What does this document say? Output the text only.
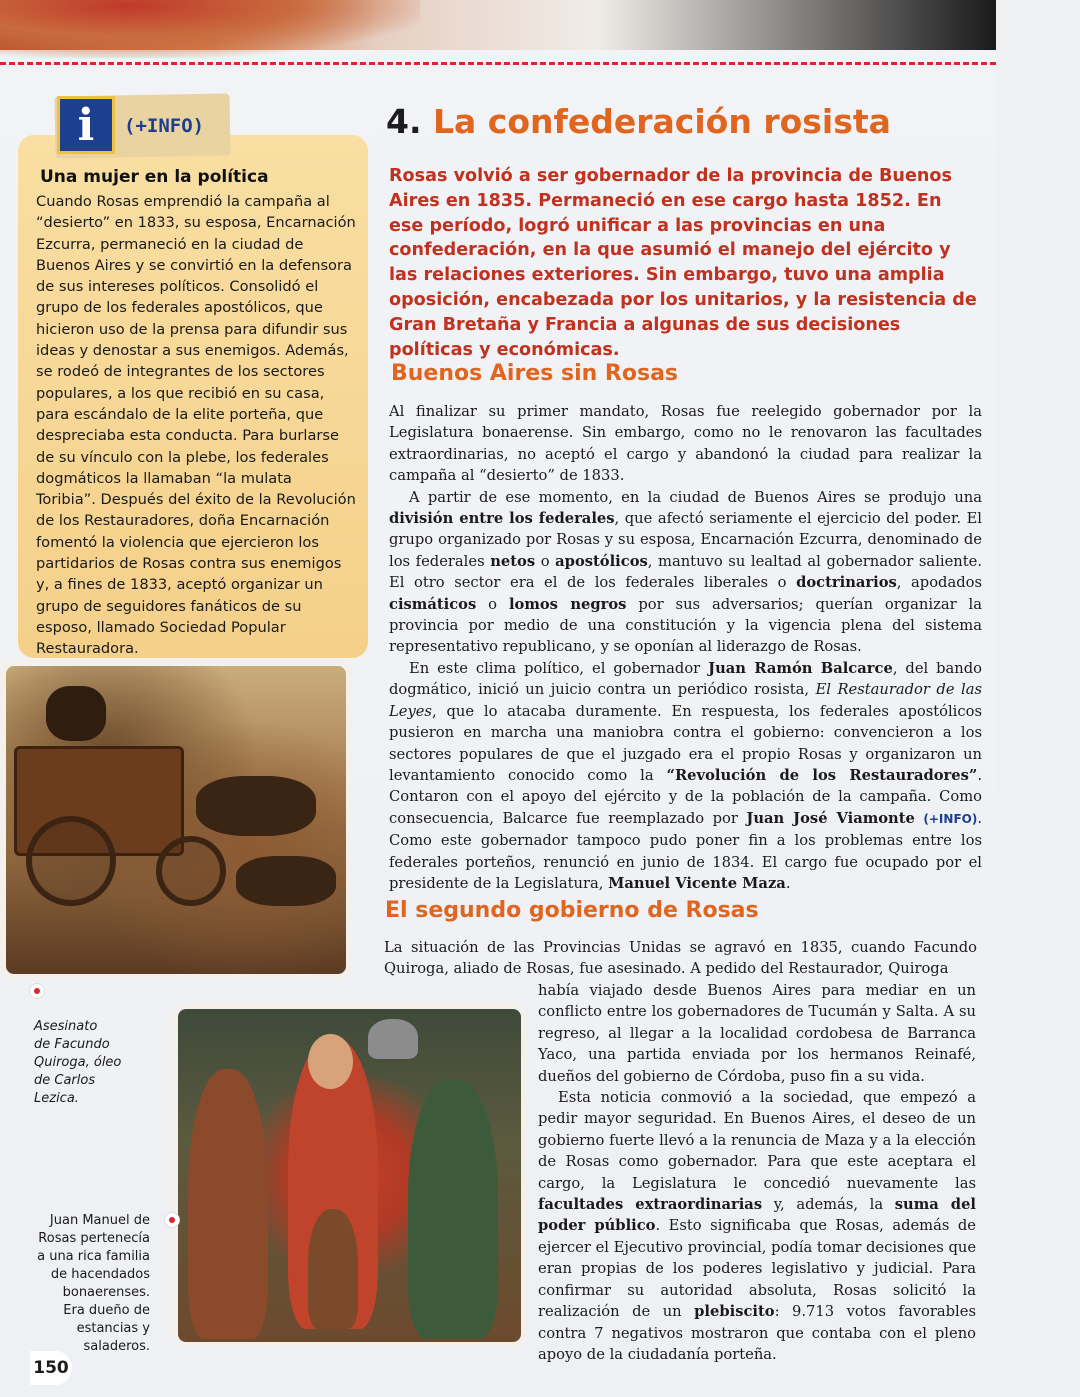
i	(+INFO)
Una mujer en la política
Cuando Rosas emprendió la campaña al “desierto” en 1833, su esposa, Encarnación Ezcurra, permaneció en la ciudad de Buenos Aires y se convirtió en la defensora de sus intereses políticos. Consolidó el grupo de los federales apostólicos, que hicieron uso de la prensa para difundir sus ideas y denostar a sus enemigos. Además, se rodeó de integrantes de los sectores populares, a los que recibió en su casa, para escándalo de la elite porteña, que despreciaba esta conducta. Para burlarse de su vínculo con la plebe, los federales dogmáticos la llamaban “la mulata Toribia”. Después del éxito de la Revolución de los Restauradores, doña Encarnación fomentó la violencia que ejercieron los partidarios de Rosas contra sus enemigos y, a fines de 1833, aceptó organizar un grupo de seguidores fanáticos de su esposo, llamado Sociedad Popular Restauradora.
Asesinato
de Facundo
Quiroga, óleo
de Carlos
Lezica.
Juan Manuel de
Rosas pertenecía
a una rica familia
de hacendados
bonaerenses.
Era dueño de
estancias y
saladeros.
150
4. La confederación rosista
Rosas volvió a ser gobernador de la provincia de Buenos Aires en 1835. Permaneció en ese cargo hasta 1852. En ese período, logró unificar a las provincias en una confederación, en la que asumió el manejo del ejército y las relaciones exteriores. Sin embargo, tuvo una amplia oposición, encabezada por los unitarios, y la resistencia de Gran Bretaña y Francia a algunas de sus decisiones políticas y económicas.
Buenos Aires sin Rosas

Al finalizar su primer mandato, Rosas fue reelegido gobernador por la Legislatura bonaerense. Sin embargo, como no le renovaron las facultades extraordinarias, no aceptó el cargo y abandonó la ciudad para realizar la campaña al “desierto” de 1833.

A partir de ese momento, en la ciudad de Buenos Aires se produjo una división entre los federales, que afectó seriamente el ejercicio del poder. El grupo organizado por Rosas y su esposa, Encarnación Ezcurra, denominado de los federales netos o apostólicos, mantuvo su lealtad al gobernador saliente. El otro sector era el de los federales liberales o doctrinarios, apodados cismáticos o lomos negros por sus adversarios; querían organizar la provincia por medio de una constitución y la vigencia plena del sistema representativo republicano, y se oponían al liderazgo de Rosas.

En este clima político, el gobernador Juan Ramón Balcarce, del bando dogmático, inició un juicio contra un periódico rosista, El Restaurador de las Leyes, que lo atacaba duramente. En respuesta, los federales apostólicos pusieron en marcha una maniobra contra el gobierno: convencieron a los sectores populares de que el juzgado era el propio Rosas y organizaron un levantamiento conocido como la “Revolución de los Restauradores”. Contaron con el apoyo del ejército y de la población de la campaña. Como consecuencia, Balcarce fue reemplazado por Juan José Viamonte (+INFO). Como este gobernador tampoco pudo poner fin a los problemas entre los federales porteños, renunció en junio de 1834. El cargo fue ocupado por el presidente de la Legislatura, Manuel Vicente Maza.

El segundo gobierno de Rosas

La situación de las Provincias Unidas se agravó en 1835, cuando Facundo Quiroga, aliado de Rosas, fue asesinado. A pedido del Restaurador, Quiroga

había viajado desde Buenos Aires para mediar en un conflicto entre los gobernadores de Tucumán y Salta. A su regreso, al llegar a la localidad cordobesa de Barranca Yaco, una partida enviada por los hermanos Reinafé, dueños del gobierno de Córdoba, puso fin a su vida.

Esta noticia conmovió a la sociedad, que empezó a pedir mayor seguridad. En Buenos Aires, el deseo de un gobierno fuerte llevó a la renuncia de Maza y a la elección de Rosas como gobernador. Para que este aceptara el cargo, la Legislatura le concedió nuevamente las facultades extraordinarias y, además, la suma del poder público. Esto significaba que Rosas, además de ejercer el Ejecutivo provincial, podía tomar decisiones que eran propias de los poderes legislativo y judicial. Para confirmar su autoridad absoluta, Rosas solicitó la realización de un plebiscito: 9.713 votos favorables contra 7 negativos mostraron que contaba con el pleno apoyo de la ciudadanía porteña.
